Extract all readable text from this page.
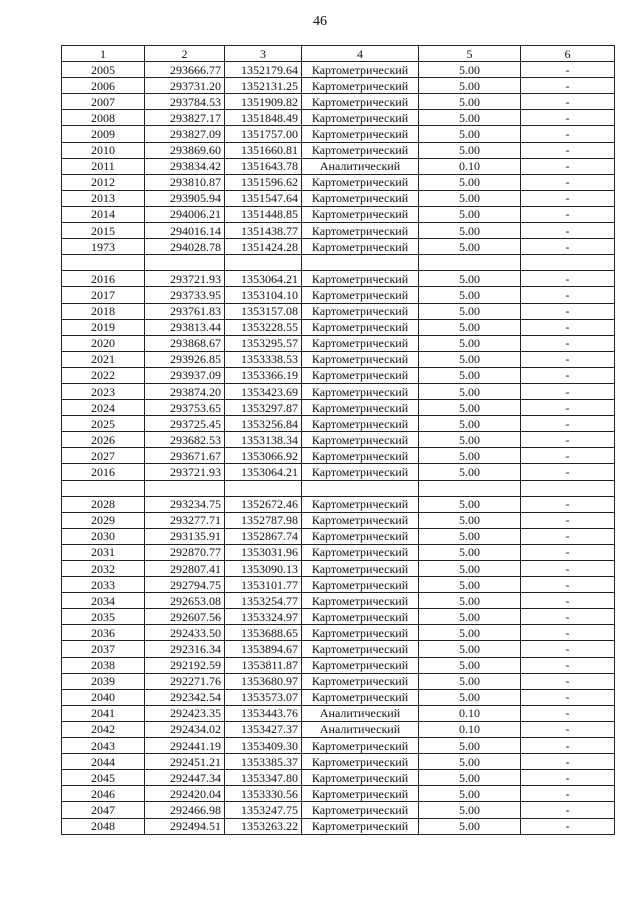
46
1	2	3	4	5	6
2005	293666.77	1352179.64	Картометрический	5.00	-
2006	293731.20	1352131.25	Картометрический	5.00	-
2007	293784.53	1351909.82	Картометрический	5.00	-
2008	293827.17	1351848.49	Картометрический	5.00	-
2009	293827.09	1351757.00	Картометрический	5.00	-
2010	293869.60	1351660.81	Картометрический	5.00	-
2011	293834.42	1351643.78	Аналитический	0.10	-
2012	293810.87	1351596.62	Картометрический	5.00	-
2013	293905.94	1351547.64	Картометрический	5.00	-
2014	294006.21	1351448.85	Картометрический	5.00	-
2015	294016.14	1351438.77	Картометрический	5.00	-
1973	294028.78	1351424.28	Картометрический	5.00	-

2016	293721.93	1353064.21	Картометрический	5.00	-
2017	293733.95	1353104.10	Картометрический	5.00	-
2018	293761.83	1353157.08	Картометрический	5.00	-
2019	293813.44	1353228.55	Картометрический	5.00	-
2020	293868.67	1353295.57	Картометрический	5.00	-
2021	293926.85	1353338.53	Картометрический	5.00	-
2022	293937.09	1353366.19	Картометрический	5.00	-
2023	293874.20	1353423.69	Картометрический	5.00	-
2024	293753.65	1353297.87	Картометрический	5.00	-
2025	293725.45	1353256.84	Картометрический	5.00	-
2026	293682.53	1353138.34	Картометрический	5.00	-
2027	293671.67	1353066.92	Картометрический	5.00	-
2016	293721.93	1353064.21	Картометрический	5.00	-

2028	293234.75	1352672.46	Картометрический	5.00	-
2029	293277.71	1352787.98	Картометрический	5.00	-
2030	293135.91	1352867.74	Картометрический	5.00	-
2031	292870.77	1353031.96	Картометрический	5.00	-
2032	292807.41	1353090.13	Картометрический	5.00	-
2033	292794.75	1353101.77	Картометрический	5.00	-
2034	292653.08	1353254.77	Картометрический	5.00	-
2035	292607.56	1353324.97	Картометрический	5.00	-
2036	292433.50	1353688.65	Картометрический	5.00	-
2037	292316.34	1353894.67	Картометрический	5.00	-
2038	292192.59	1353811.87	Картометрический	5.00	-
2039	292271.76	1353680.97	Картометрический	5.00	-
2040	292342.54	1353573.07	Картометрический	5.00	-
2041	292423.35	1353443.76	Аналитический	0.10	-
2042	292434.02	1353427.37	Аналитический	0.10	-
2043	292441.19	1353409.30	Картометрический	5.00	-
2044	292451.21	1353385.37	Картометрический	5.00	-
2045	292447.34	1353347.80	Картометрический	5.00	-
2046	292420.04	1353330.56	Картометрический	5.00	-
2047	292466.98	1353247.75	Картометрический	5.00	-
2048	292494.51	1353263.22	Картометрический	5.00	-
